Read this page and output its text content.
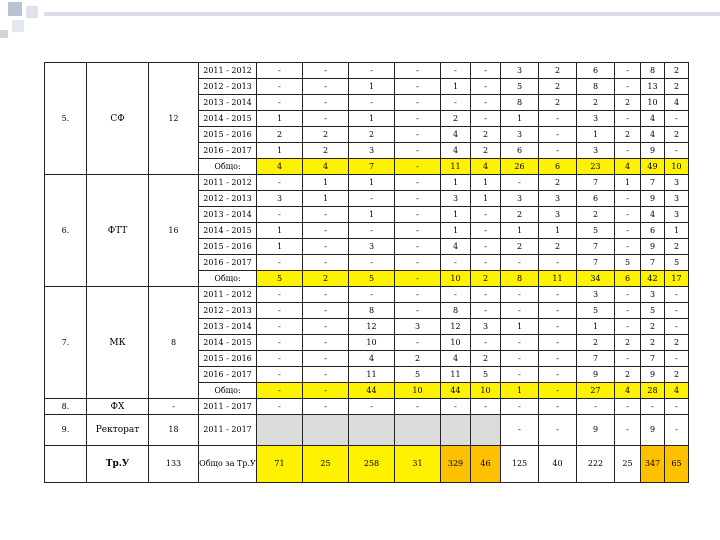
5.	СФ	12	2011 - 2012	-	-	-	-	-	-	3	2	6	-	8	2
			2012 - 2013	-	-	1	-	1	-	5	2	8	-	13	2
			2013 - 2014	-	-	-	-	-	-	8	2	2	2	10	4
			2014 - 2015	1	-	1	-	2	-	1	-	3	-	4	-
			2015 - 2016	2	2	2	-	4	2	3	-	1	2	4	2
			2016 - 2017	1	2	3	-	4	2	6	-	3	-	9	-
			Общо:	4	4	7	-	11	4	26	6	23	4	49	10
6.	ФТТ	16	2011 - 2012	-	1	1	-	1	1	-	2	7	1	7	3
			2012 - 2013	3	1	-	-	3	1	3	3	6	-	9	3
			2013 - 2014	-	-	1	-	1	-	2	3	2	-	4	3
			2014 - 2015	1	-	-	-	1	-	1	1	5	-	6	1
			2015 - 2016	1	-	3	-	4	-	2	2	7	-	9	2
			2016 - 2017	-	-	-	-	-	-	-	-	7	5	7	5
			Общо:	5	2	5	-	10	2	8	11	34	6	42	17
7.	МК	8	2011 - 2012	-	-	-	-	-	-	-	-	3	-	3	-
			2012 - 2013	-	-	8	-	8	-	-	-	5	-	5	-
			2013 - 2014	-	-	12	3	12	3	1	-	1	-	2	-
			2014 - 2015	-	-	10	-	10	-	-	-	2	2	2	2
			2015 - 2016	-	-	4	2	4	2	-	-	7	-	7	-
			2016 - 2017	-	-	11	5	11	5	-	-	9	2	9	2
			Общо:	-	-	44	10	44	10	1	-	27	4	28	4
8.	ФХ	-	2011 - 2017	-	-	-	-	-	-	-	-	-	-	-	-
9.	Ректорат	18	2011 - 2017							-	-	9	-	9	-
	Тр.У	133	Общо за Тр.У	71	25	258	31	329	46	125	40	222	25	347	65
